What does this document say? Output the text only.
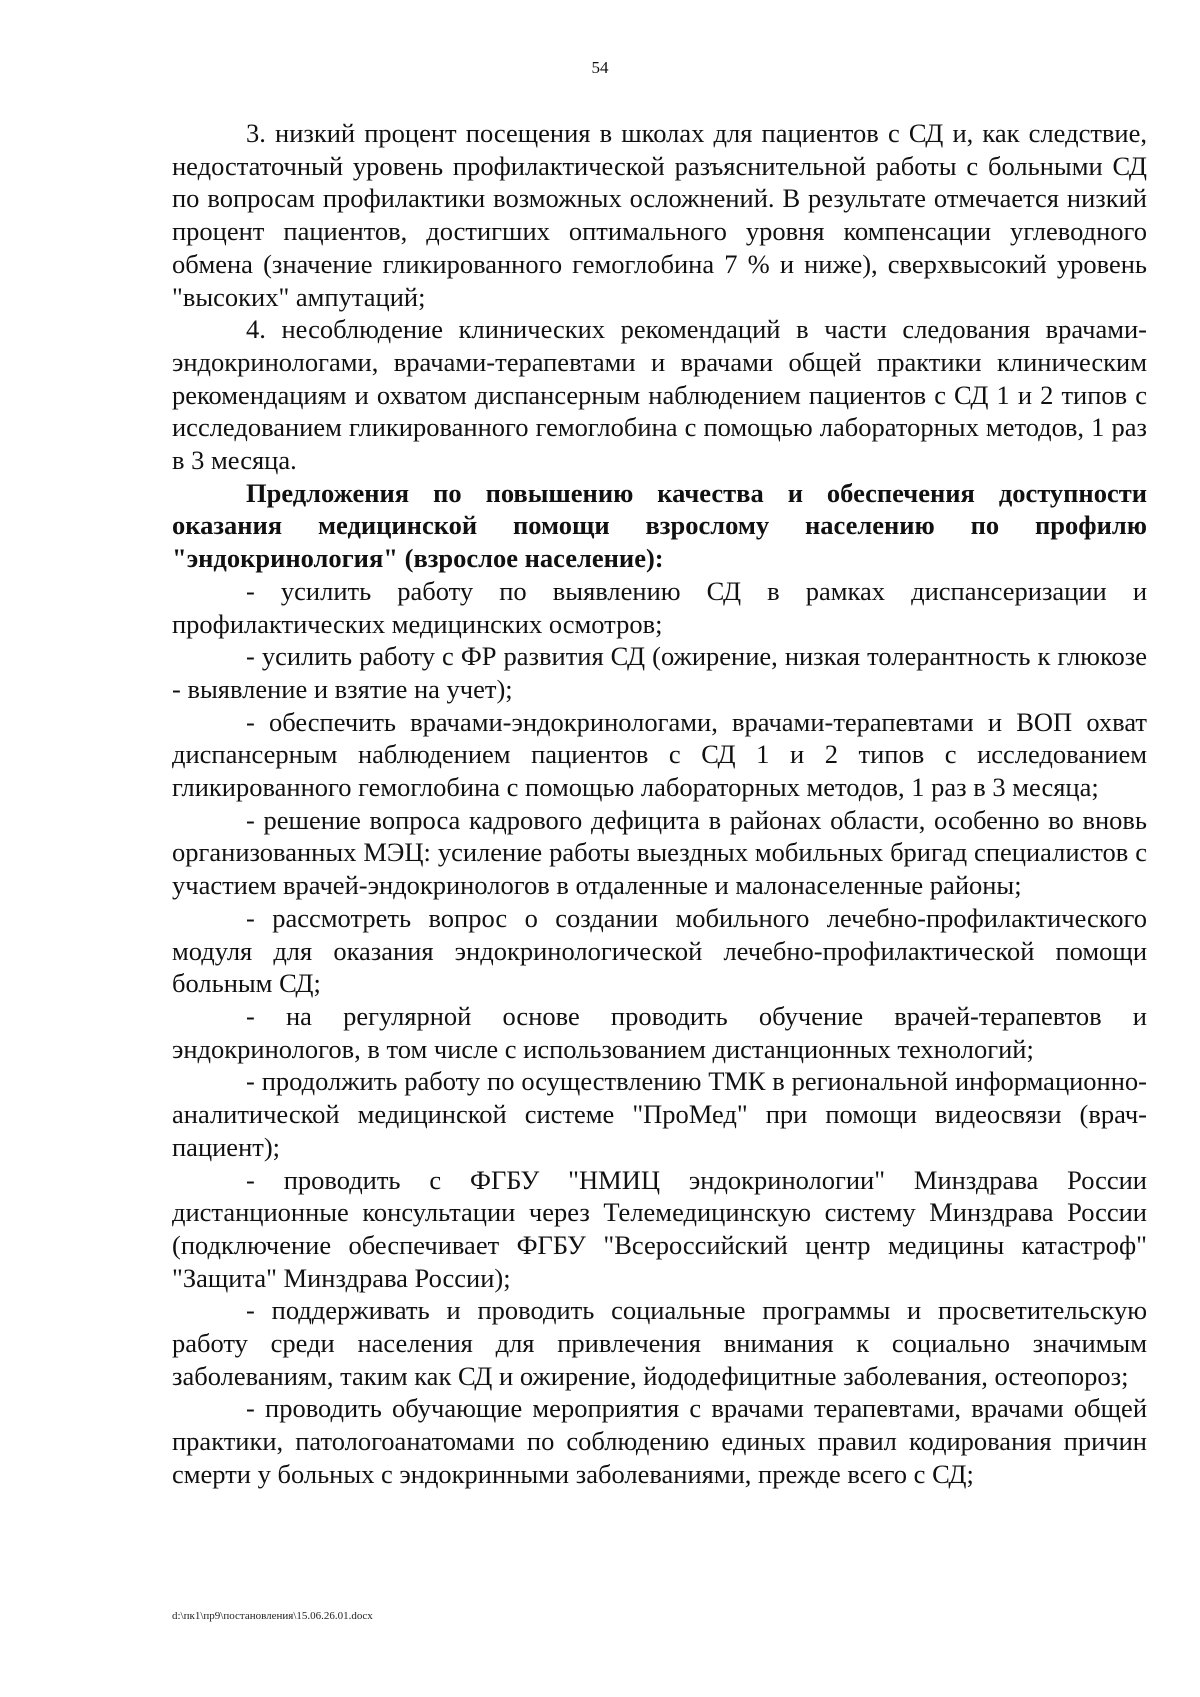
54

3. низкий процент посещения в школах для пациентов с СД и, как следствие, недостаточный уровень профилактической разъяснительной работы с больными СД по вопросам профилактики возможных осложнений. В результате отмечается низкий процент пациентов, достигших оптимального уровня компенсации углеводного обмена (значение гликированного гемоглобина 7 % и ниже), сверхвысокий уровень "высоких" ампутаций;

4. несоблюдение клинических рекомендаций в части следования врачами-эндокринологами, врачами-терапевтами и врачами общей практики клиническим рекомендациям и охватом диспансерным наблюдением пациентов с СД 1 и 2 типов с исследованием гликированного гемоглобина с помощью лабораторных методов, 1 раз в 3 месяца.

Предложения по повышению качества и обеспечения доступности оказания медицинской помощи взрослому населению по профилю "эндокринология" (взрослое население):

- усилить работу по выявлению СД в рамках диспансеризации и профилактических медицинских осмотров;

- усилить работу с ФР развития СД (ожирение, низкая толерантность к глюкозе - выявление и взятие на учет);

- обеспечить врачами-эндокринологами, врачами-терапевтами и ВОП охват диспансерным наблюдением пациентов с СД 1 и 2 типов с исследованием гликированного гемоглобина с помощью лабораторных методов, 1 раз в 3 месяца;

- решение вопроса кадрового дефицита в районах области, особенно во вновь организованных МЭЦ: усиление работы выездных мобильных бригад специалистов с участием врачей-эндокринологов в отдаленные и малонаселенные районы;

- рассмотреть вопрос о создании мобильного лечебно-профилактического модуля для оказания эндокринологической лечебно-профилактической помощи больным СД;

- на регулярной основе проводить обучение врачей-терапевтов и эндокринологов, в том числе с использованием дистанционных технологий;

- продолжить работу по осуществлению ТМК в региональной информационно-аналитической медицинской системе "ПроМед" при помощи видеосвязи (врач-пациент);

- проводить с ФГБУ "НМИЦ эндокринологии" Минздрава России дистанционные консультации через Телемедицинскую систему Минздрава России (подключение обеспечивает ФГБУ "Всероссийский центр медицины катастроф" "Защита" Минздрава России);

- поддерживать и проводить социальные программы и просветительскую работу среди населения для привлечения внимания к социально значимым заболеваниям, таким как СД и ожирение, йододефицитные заболевания, остеопороз;

- проводить обучающие мероприятия с врачами терапевтами, врачами общей практики, патологоанатомами по соблюдению единых правил кодирования причин смерти у больных с эндокринными заболеваниями, прежде всего с СД;

d:\пк1\пр9\постановления\15.06.26.01.docx
